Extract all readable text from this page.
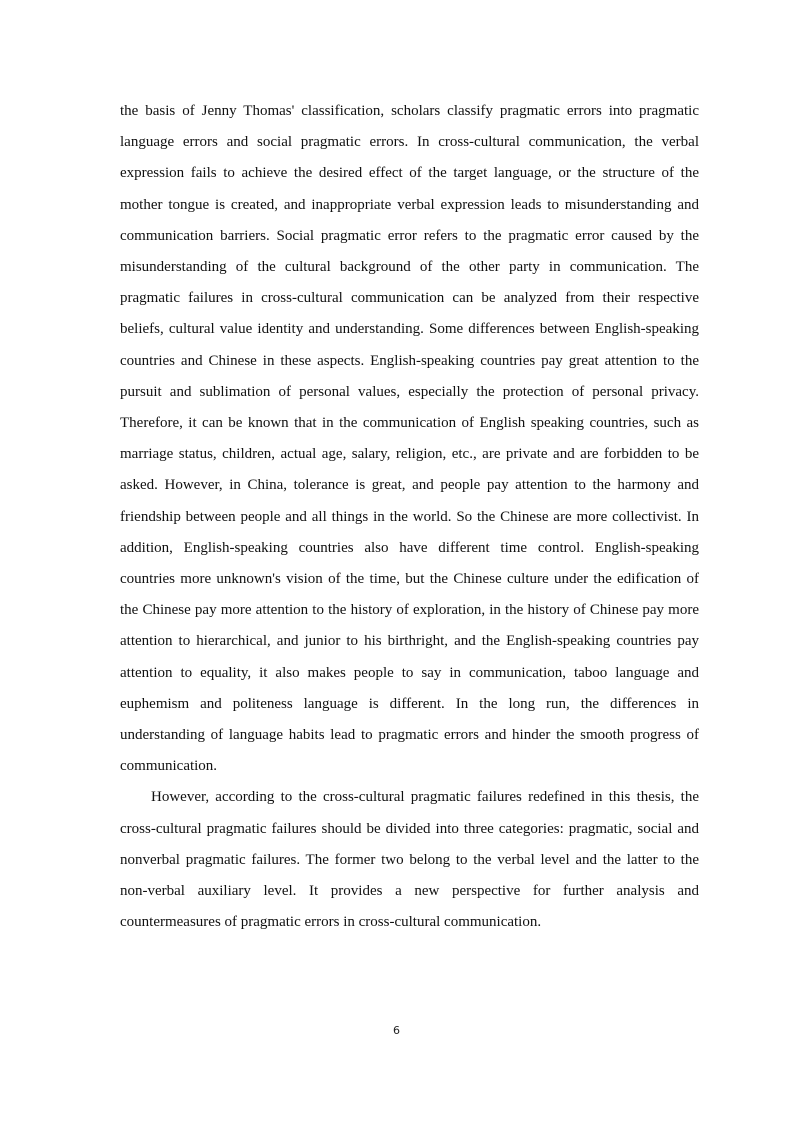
the basis of Jenny Thomas' classification, scholars classify pragmatic errors into pragmatic language errors and social pragmatic errors. In cross-cultural communication, the verbal expression fails to achieve the desired effect of the target language, or the structure of the mother tongue is created, and inappropriate verbal expression leads to misunderstanding and communication barriers. Social pragmatic error refers to the pragmatic error caused by the misunderstanding of the cultural background of the other party in communication. The pragmatic failures in cross-cultural communication can be analyzed from their respective beliefs, cultural value identity and understanding. Some differences between English-speaking countries and Chinese in these aspects. English-speaking countries pay great attention to the pursuit and sublimation of personal values, especially the protection of personal privacy. Therefore, it can be known that in the communication of English speaking countries, such as marriage status, children, actual age, salary, religion, etc., are private and are forbidden to be asked. However, in China, tolerance is great, and people pay attention to the harmony and friendship between people and all things in the world. So the Chinese are more collectivist. In addition, English-speaking countries also have different time control. English-speaking countries more unknown's vision of the time, but the Chinese culture under the edification of the Chinese pay more attention to the history of exploration, in the history of Chinese pay more attention to hierarchical, and junior to his birthright, and the English-speaking countries pay attention to equality, it also makes people to say in communication, taboo language and euphemism and politeness language is different. In the long run, the differences in understanding of language habits lead to pragmatic errors and hinder the smooth progress of communication.

However, according to the cross-cultural pragmatic failures redefined in this thesis, the cross-cultural pragmatic failures should be divided into three categories: pragmatic, social and nonverbal pragmatic failures. The former two belong to the verbal level and the latter to the non-verbal auxiliary level. It provides a new perspective for further analysis and countermeasures of pragmatic errors in cross-cultural communication.

6
